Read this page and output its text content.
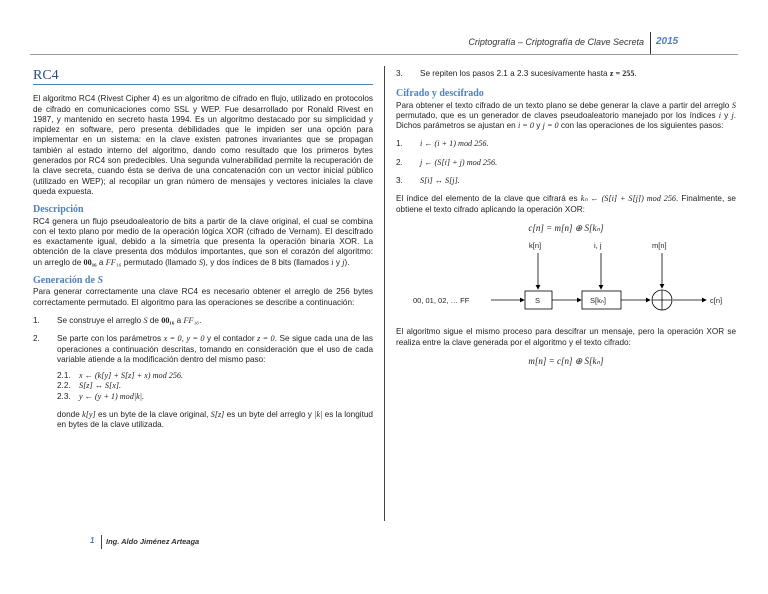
Criptografía – Criptografía de Clave Secreta 2015
RC4

El algoritmo RC4 (Rivest Cipher 4) es un algoritmo de cifrado en flujo, utilizado en protocolos de cifrado en comunicaciones como SSL y WEP. Fue desarrollado por Ronald Rivest en 1987, y mantenido en secreto hasta 1994. Es un algoritmo destacado por su simplicidad y rapidez en software, pero presenta debilidades que le impiden ser una opción para implementar en un sistema: en la clave existen patrones invariantes que se propagan también al estado interno del algoritmo, dando como resultado que los primeros bytes generados por RC4 son predecibles. Una segunda vulnerabilidad permite la recuperación de la clave secreta, cuando ésta se deriva de una concatenación con un vector inicial público (utilizado en WEP); al recopilar un gran número de mensajes y vectores iniciales la clave queda expuesta.

Descripción

RC4 genera un flujo pseudoaleatorio de bits a partir de la clave original, el cual se combina con el texto plano por medio de la operación lógica XOR (cifrado de Vernam). El descifrado es exactamente igual, debido a la simetría que presenta la operación binaria XOR. La obtención de la clave presenta dos módulos importantes, que son el corazón del algoritmo: un arreglo de 00₁₆ a FF₁₆ permutado (llamado S), y dos índices de 8 bits (llamados i y j).

Generación de S

Para generar correctamente una clave RC4 es necesario obtener el arreglo de 256 bytes correctamente permutado. El algoritmo para las operaciones se describe a continuación:

1.	Se construye el arreglo S de 00₁₆ a FF₁₆.
2.	Se parte con los parámetros x = 0, y = 0 y el contador z = 0. Se sigue cada una de las operaciones a continuación descritas, tomando en consideración que el uso de cada variable atiende a la modificación dentro del mismo paso:
2.1.	x ← (k[y] + S[z] + x) mod 256.
2.2.	S[z] ↔ S[x].
2.3.	y ← (y + 1) mod|k|.

donde k[y] es un byte de la clave original, S[z] es un byte del arreglo y |k| es la longitud en bytes de la clave utilizada.

3.	Se repiten los pasos 2.1 a 2.3 sucesivamente hasta z = 255.
Cifrado y descifrado

Para obtener el texto cifrado de un texto plano se debe generar la clave a partir del arreglo S permutado, que es un generador de claves pseudoaleatorio manejado por los índices i y j. Dichos parámetros se ajustan en i = 0 y j = 0 con las operaciones de los siguientes pasos:

1.	i ← (i + 1) mod 256.
2.	j ← (S[i] + j) mod 256.
3.	S[i] ↔ S[j].

El índice del elemento de la clave que cifrará es kₙ ← (S[i] + S[j]) mod 256. Finalmente, se obtiene el texto cifrado aplicando la operación XOR:

c[n] = m[n] ⊕ S[kₙ]
k[n]	i, j	m[n]
00, 01, 02, … FF	S	S[kₙ]	c[n]

El algoritmo sigue el mismo proceso para descifrar un mensaje, pero la operación XOR se realiza entre la clave generada por el algoritmo y el texto cifrado:

m[n] = c[n] ⊕ S[kₙ]
1 Ing. Aldo Jiménez Arteaga
